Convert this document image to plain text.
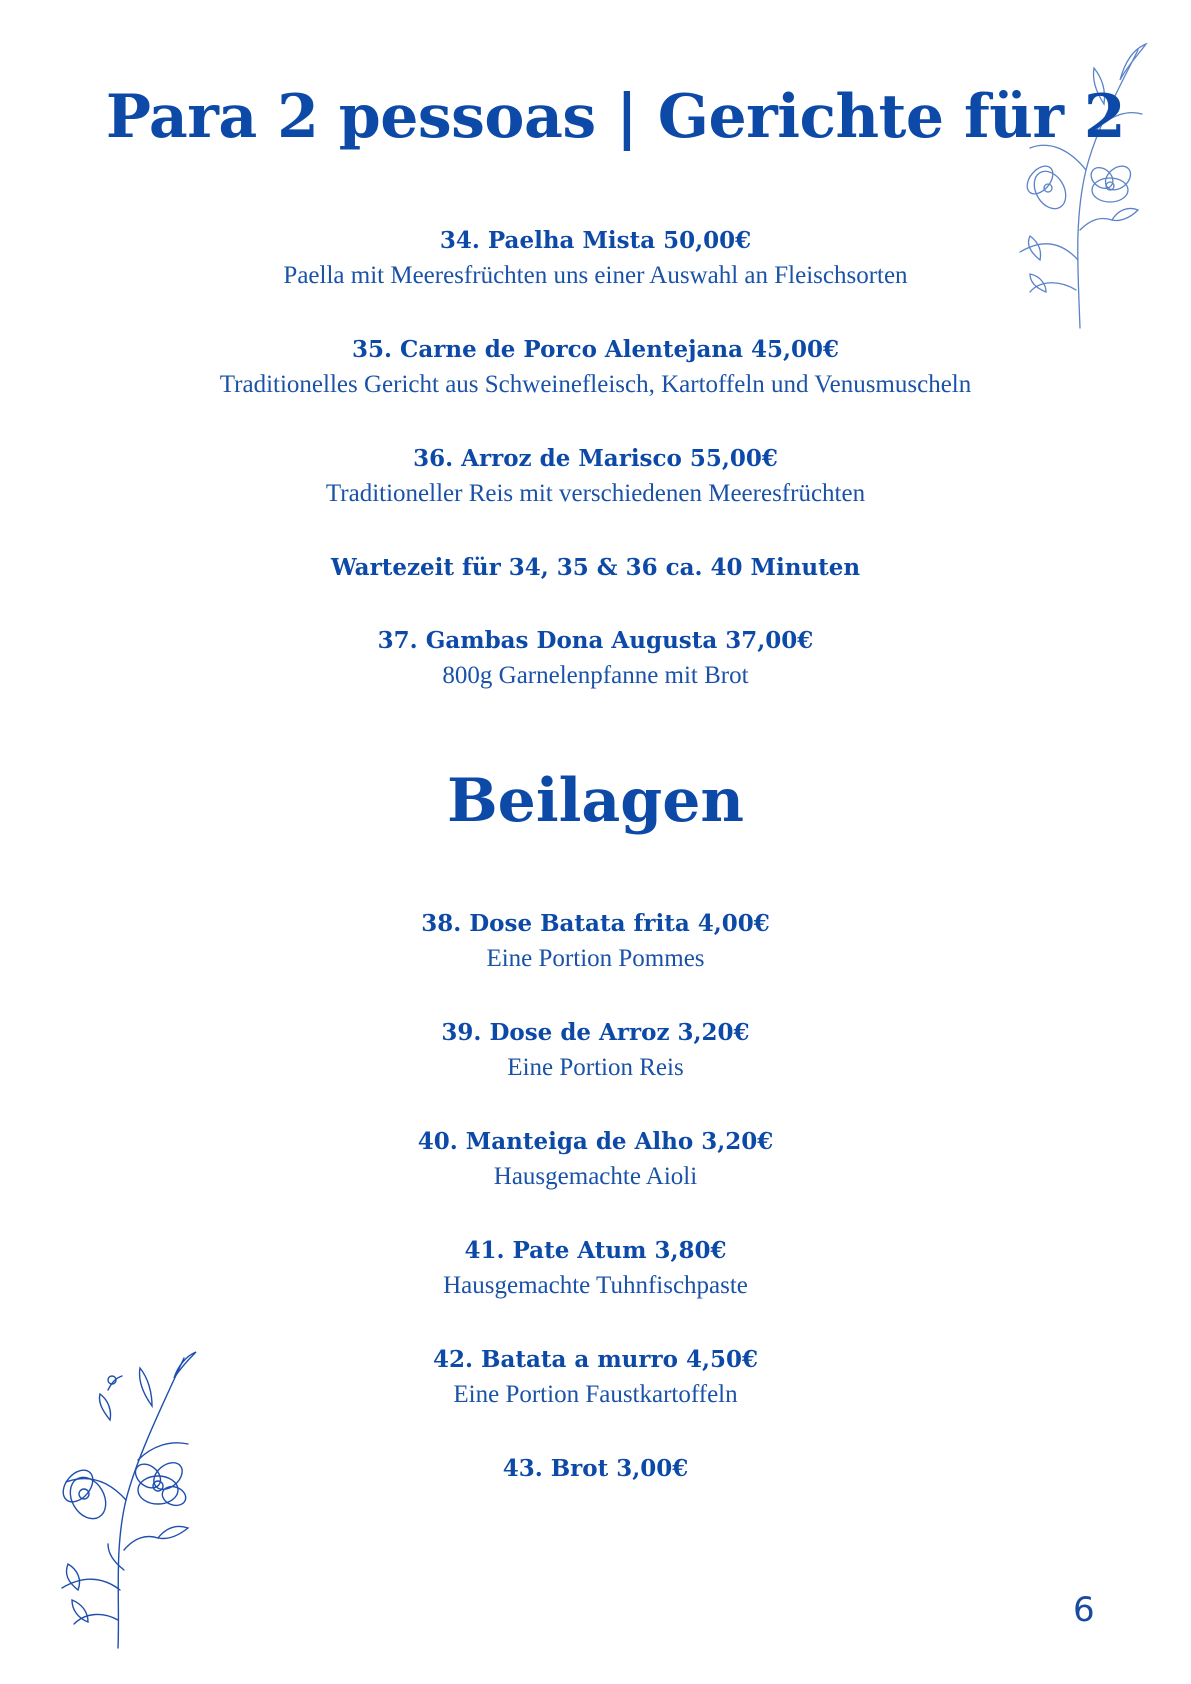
Para 2 pessoas | Gerichte für 2
34. Paelha Mista 50,00€
Paella mit Meeresfrüchten uns einer Auswahl an Fleischsorten
35. Carne de Porco Alentejana 45,00€
Traditionelles Gericht aus Schweinefleisch, Kartoffeln und Venusmuscheln
36. Arroz de Marisco 55,00€
Traditioneller Reis mit verschiedenen Meeresfrüchten
Wartezeit für 34, 35 & 36 ca. 40 Minuten
37. Gambas Dona Augusta 37,00€
800g Garnelenpfanne mit Brot
Beilagen
38. Dose Batata frita 4,00€
Eine Portion Pommes
39. Dose de Arroz 3,20€
Eine Portion Reis
40. Manteiga de Alho 3,20€
Hausgemachte Aioli
41. Pate Atum 3,80€
Hausgemachte Tuhnfischpaste
42. Batata a murro 4,50€
Eine Portion Faustkartoffeln
43. Brot 3,00€
6
